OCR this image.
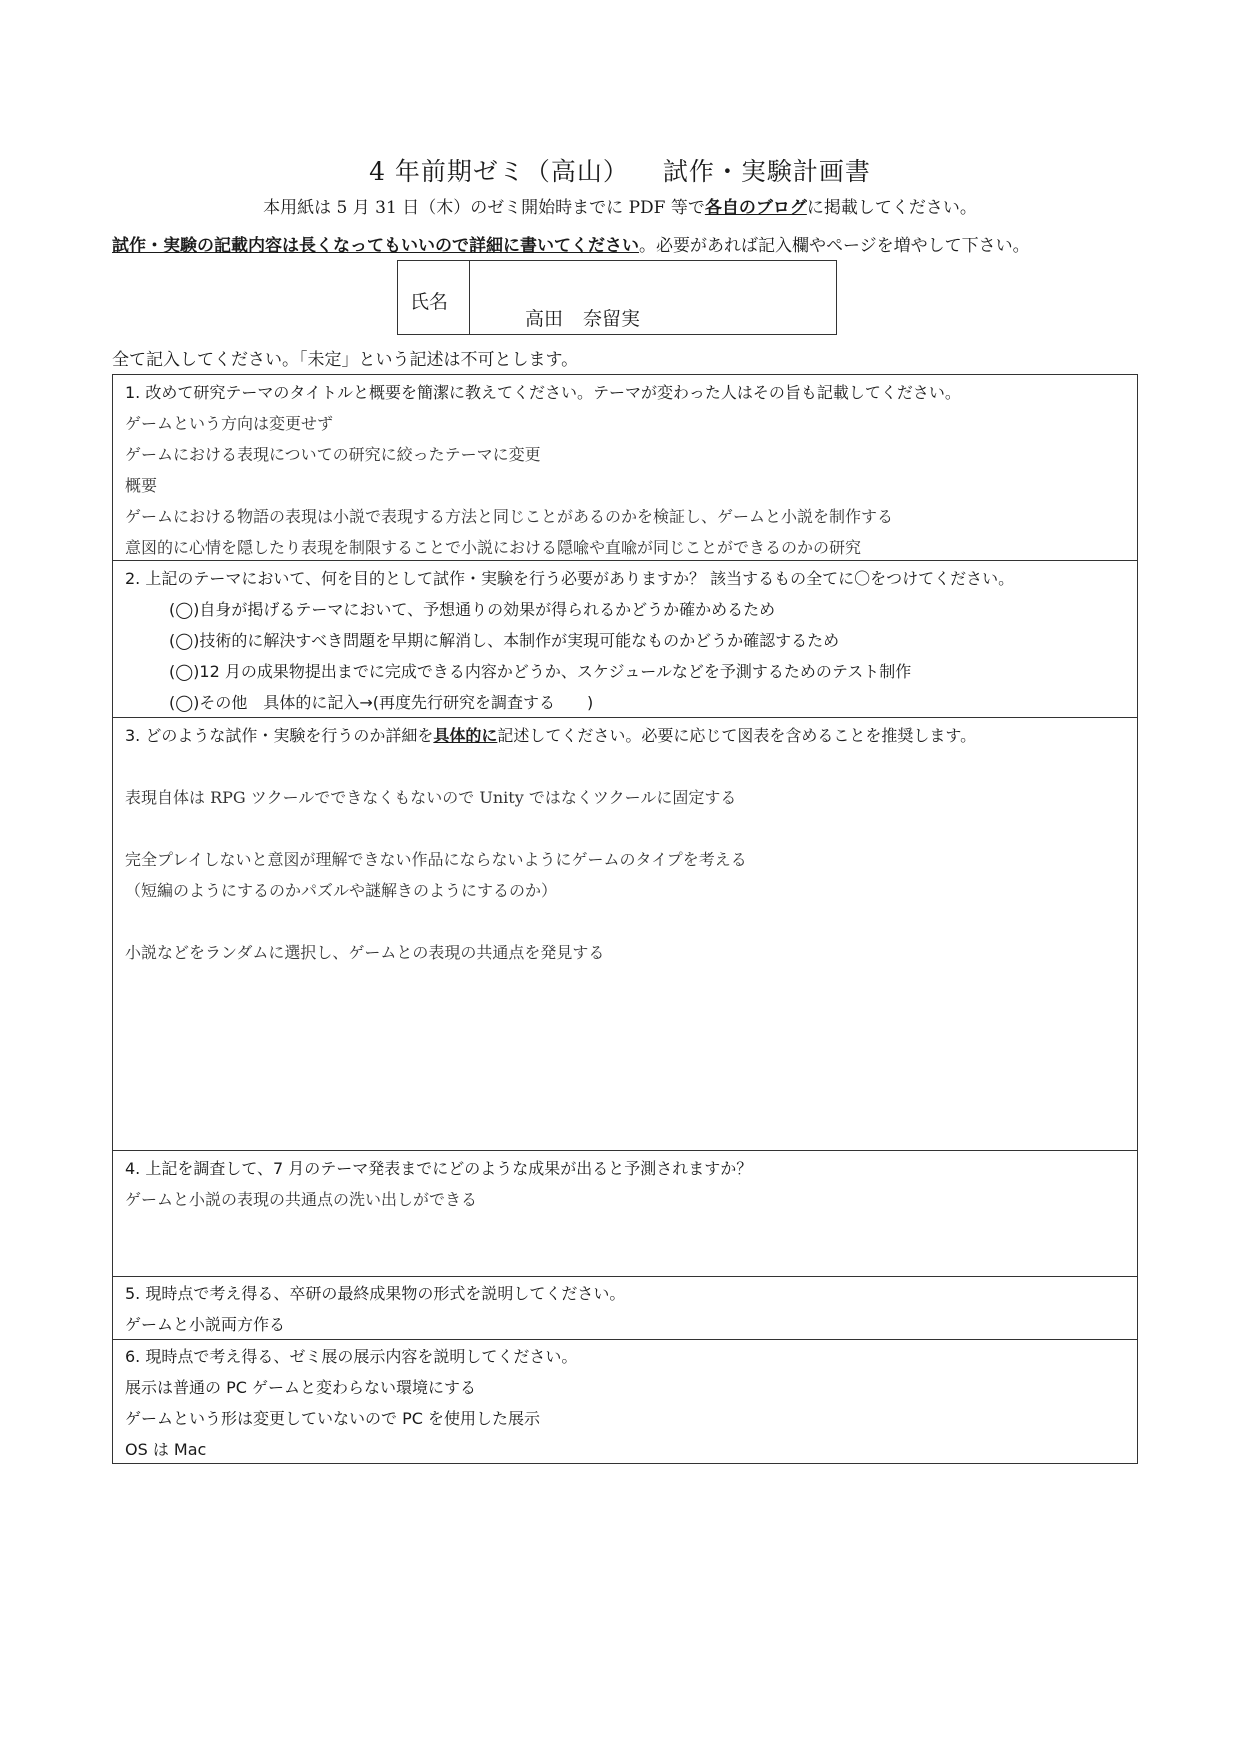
4 年前期ゼミ（高山） 試作・実験計画書
本用紙は 5 月 31 日（木）のゼミ開始時までに PDF 等で各自のブログに掲載してください。
試作・実験の記載内容は長くなってもいいので詳細に書いてください。必要があれば記入欄やページを増やして下さい。
氏名
高田 奈留実
全て記入してください。「未定」という記述は不可とします。
1. 改めて研究テーマのタイトルと概要を簡潔に教えてください。テーマが変わった人はその旨も記載してください。
ゲームという方向は変更せず
ゲームにおける表現についての研究に絞ったテーマに変更
概要
ゲームにおける物語の表現は小説で表現する方法と同じことがあるのかを検証し、ゲームと小説を制作する
意図的に心情を隠したり表現を制限することで小説における隠喩や直喩が同じことができるのかの研究
2. 上記のテーマにおいて、何を目的として試作・実験を行う必要がありますか？ 該当するもの全てに〇をつけてください。
(◯)自身が掲げるテーマにおいて、予想通りの効果が得られるかどうか確かめるため
(◯)技術的に解決すべき問題を早期に解消し、本制作が実現可能なものかどうか確認するため
(◯)12 月の成果物提出までに完成できる内容かどうか、スケジュールなどを予測するためのテスト制作
(◯)その他　具体的に記入→(再度先行研究を調査する　　)
3. どのような試作・実験を行うのか詳細を具体的に記述してください。必要に応じて図表を含めることを推奨します。
表現自体は RPG ツクールでできなくもないので Unity ではなくツクールに固定する
完全プレイしないと意図が理解できない作品にならないようにゲームのタイプを考える
（短編のようにするのかパズルや謎解きのようにするのか）
小説などをランダムに選択し、ゲームとの表現の共通点を発見する
4. 上記を調査して、7 月のテーマ発表までにどのような成果が出ると予測されますか？
ゲームと小説の表現の共通点の洗い出しができる
5. 現時点で考え得る、卒研の最終成果物の形式を説明してください。
ゲームと小説両方作る
6. 現時点で考え得る、ゼミ展の展示内容を説明してください。
展示は普通の PC ゲームと変わらない環境にする
ゲームという形は変更していないので PC を使用した展示
OS は Mac
